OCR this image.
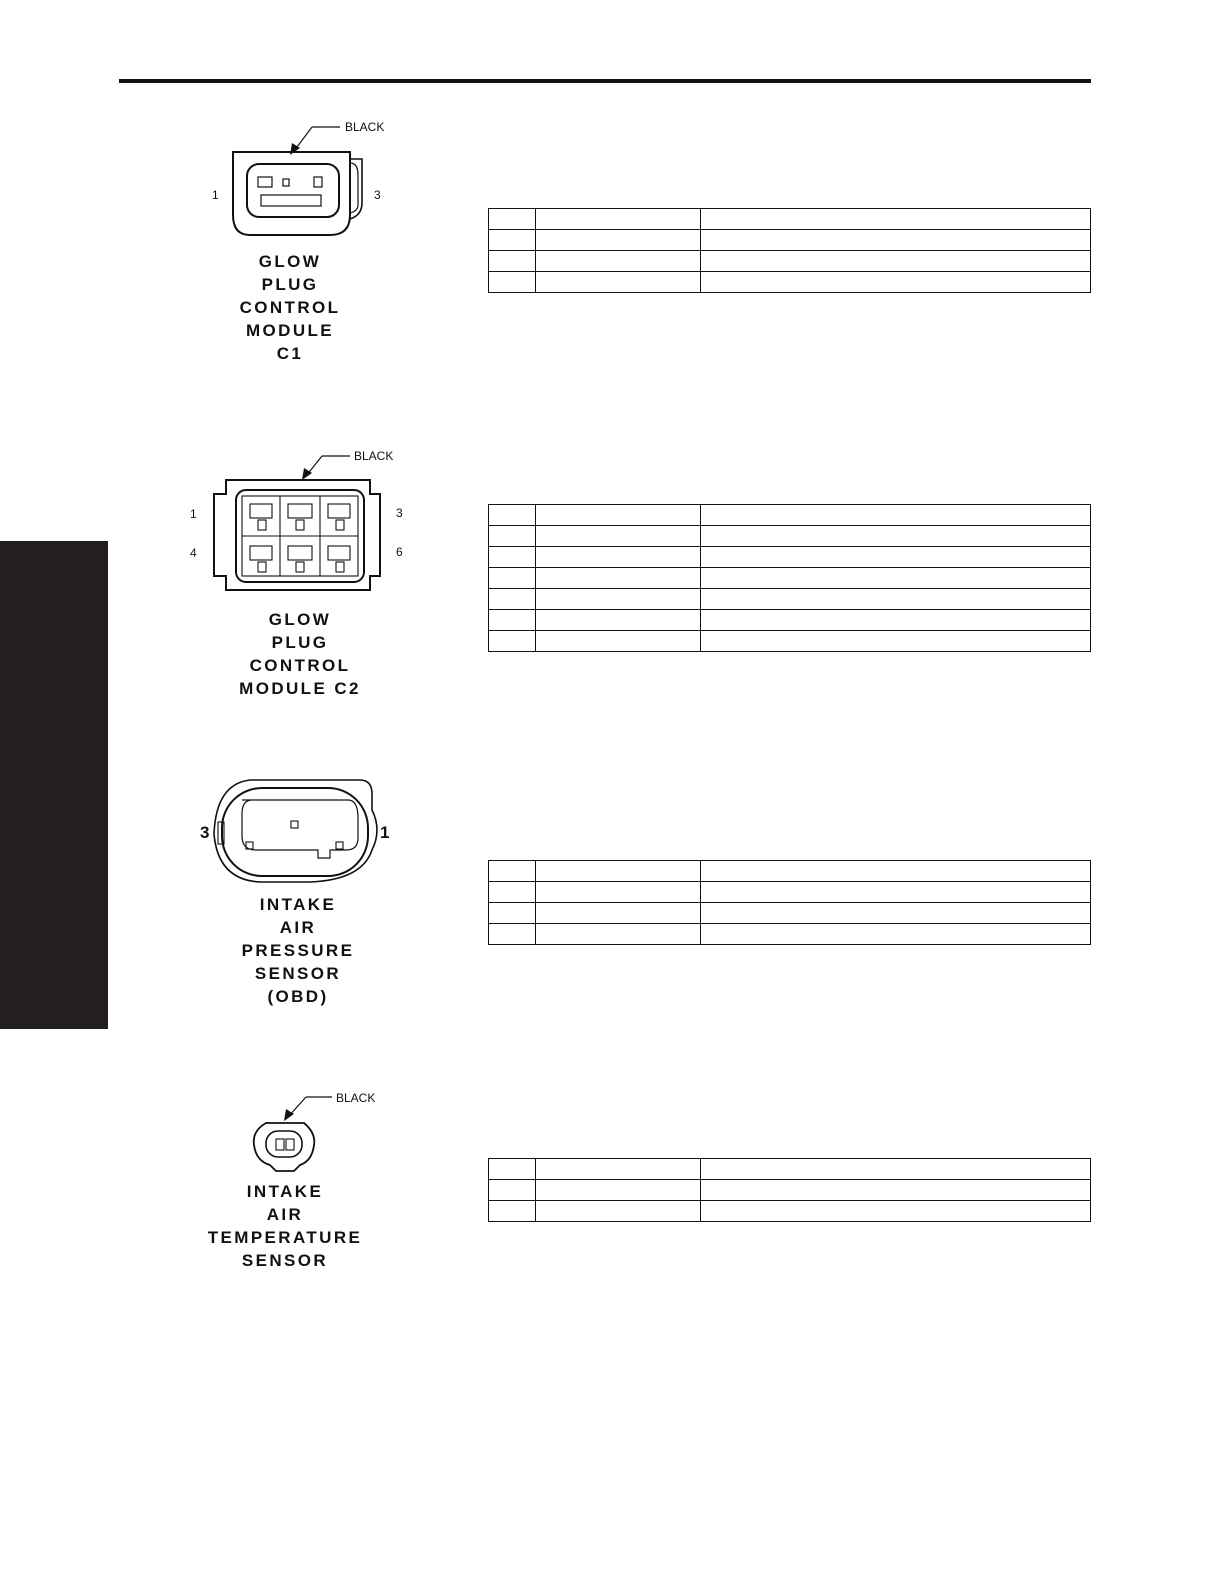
BLACK
1	3
GLOW
PLUG
CONTROL
MODULE
C1

BLACK
1	3
4	6
GLOW
PLUG
CONTROL
MODULE C2

3	1
INTAKE
AIR
PRESSURE
SENSOR
(OBD)

BLACK
INTAKE
AIR
TEMPERATURE
SENSOR
